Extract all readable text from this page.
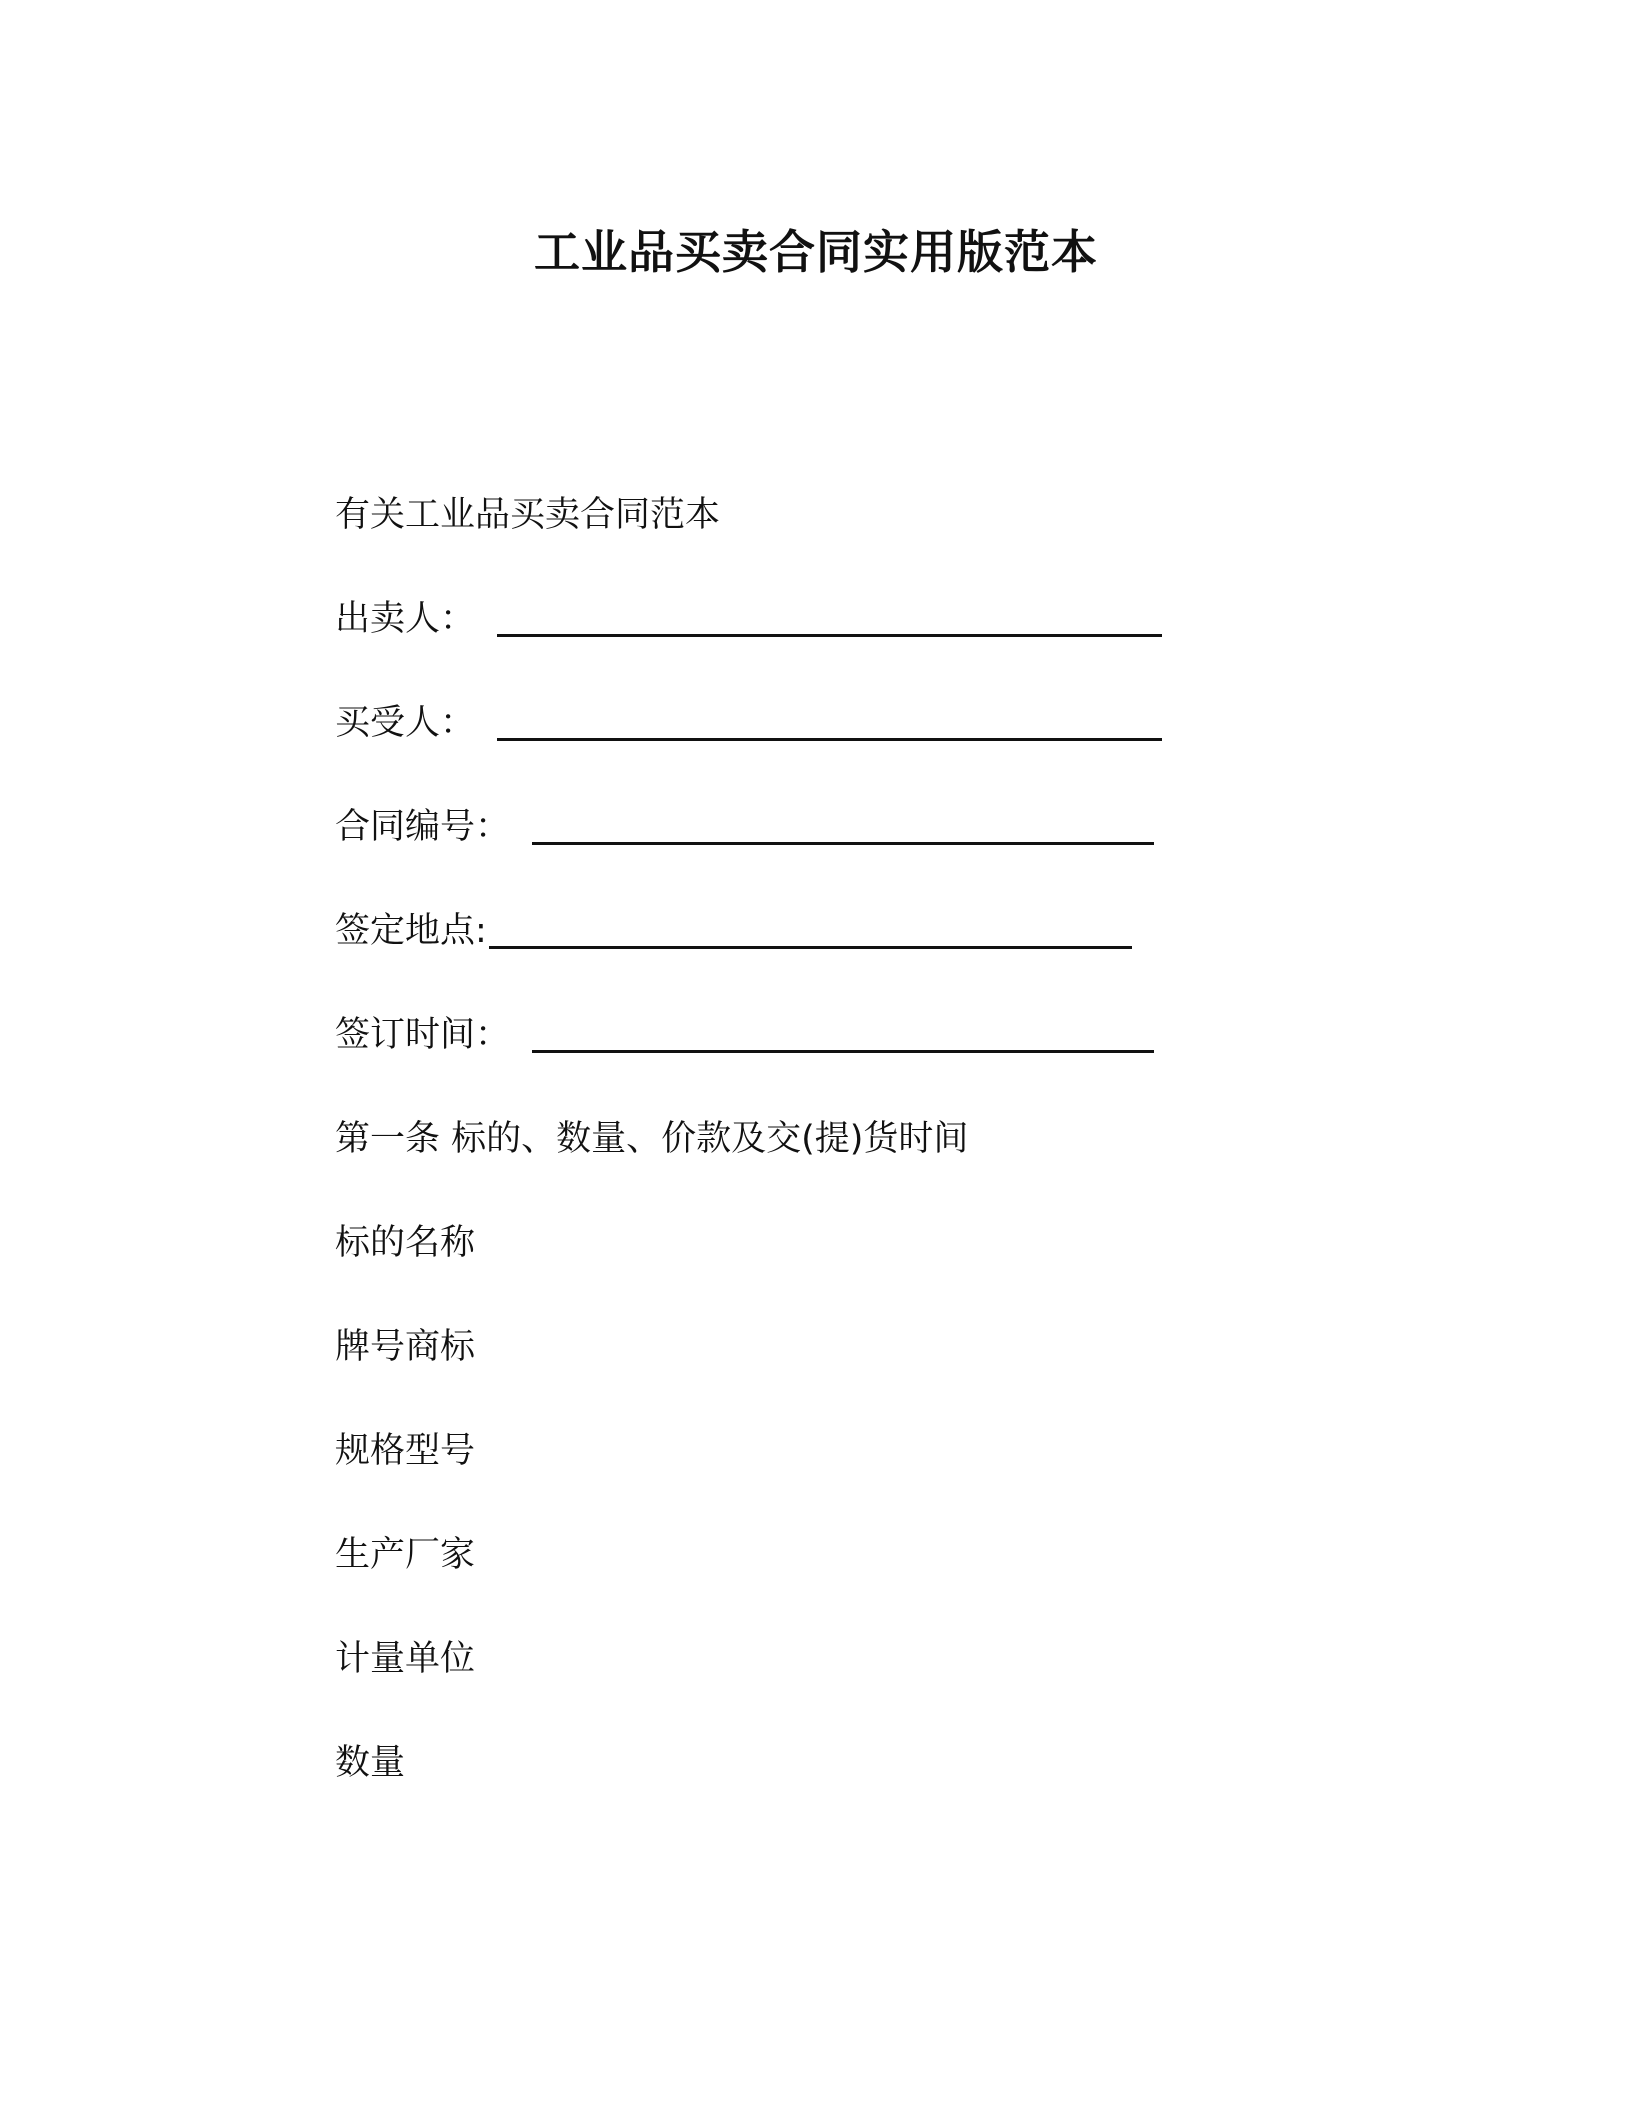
工业品买卖合同实用版范本
有关工业品买卖合同范本
出卖人：
买受人：
合同编号：
签定地点:
签订时间：
第一条 标的、数量、价款及交(提)货时间
标的名称
牌号商标
规格型号
生产厂家
计量单位
数量
